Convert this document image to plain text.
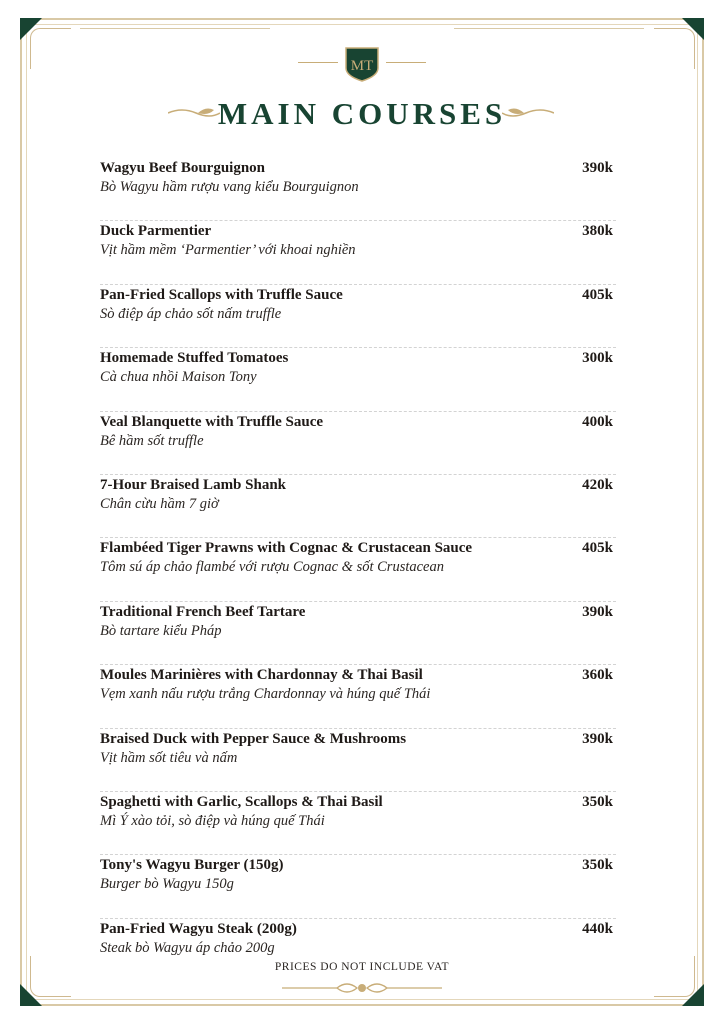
MT
MAIN COURSES
Wagyu Beef Bourguignon
Bò Wagyu hầm rượu vang kiểu Bourguignon
390k
Duck Parmentier
Vịt hầm mềm ‘Parmentier’ với khoai nghiền
380k
Pan-Fried Scallops with Truffle Sauce
Sò điệp áp chảo sốt nấm truffle
405k
Homemade Stuffed Tomatoes
Cà chua nhồi Maison Tony
300k
Veal Blanquette with Truffle Sauce
Bê hầm sốt truffle
400k
7-Hour Braised Lamb Shank
Chân cừu hầm 7 giờ
420k
Flambéed Tiger Prawns with Cognac & Crustacean Sauce
Tôm sú áp chảo flambé với rượu Cognac & sốt Crustacean
405k
Traditional French Beef Tartare
Bò tartare kiểu Pháp
390k
Moules Marinières with Chardonnay & Thai Basil
Vẹm xanh nấu rượu trắng Chardonnay và húng quế Thái
360k
Braised Duck with Pepper Sauce & Mushrooms
Vịt hầm sốt tiêu và nấm
390k
Spaghetti with Garlic, Scallops & Thai Basil
Mì Ý xào tỏi, sò điệp và húng quế Thái
350k
Tony's Wagyu Burger (150g)
Burger bò Wagyu 150g
350k
Pan-Fried Wagyu Steak (200g)
Steak bò Wagyu áp chảo 200g
440k
PRICES DO NOT INCLUDE VAT
